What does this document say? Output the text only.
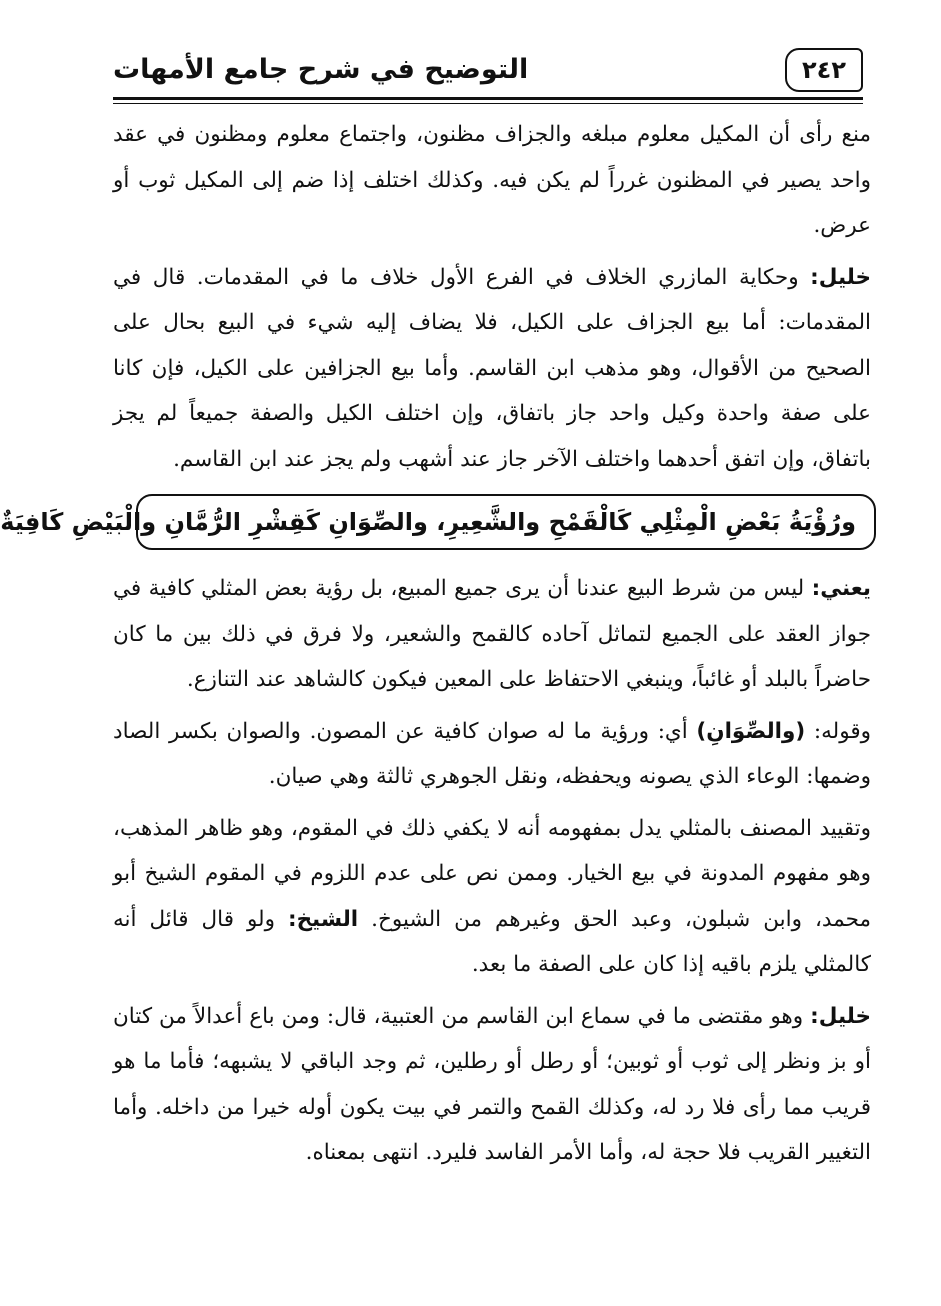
٢٤٢
التوضيح في شرح جامع الأمهات

منع رأى أن المكيل معلوم مبلغه والجزاف مظنون، واجتماع معلوم ومظنون في عقد واحد يصير في المظنون غرراً لم يكن فيه. وكذلك اختلف إذا ضم إلى المكيل ثوب أو عرض.

خليل: وحكاية المازري الخلاف في الفرع الأول خلاف ما في المقدمات. قال في المقدمات: أما بيع الجزاف على الكيل، فلا يضاف إليه شيء في البيع بحال على الصحيح من الأقوال، وهو مذهب ابن القاسم. وأما بيع الجزافين على الكيل، فإن كانا على صفة واحدة وكيل واحد جاز باتفاق، وإن اختلف الكيل والصفة جميعاً لم يجز باتفاق، وإن اتفق أحدهما واختلف الآخر جاز عند أشهب ولم يجز عند ابن القاسم.

ورُؤْيَةُ بَعْضِ الْمِثْلِي كَالْقَمْحِ والشَّعِيرِ، والصِّوَانِ كَقِشْرِ الرُّمَّانِ والْبَيْضِ كَافِيَةٌ

يعني: ليس من شرط البيع عندنا أن يرى جميع المبيع، بل رؤية بعض المثلي كافية في جواز العقد على الجميع لتماثل آحاده كالقمح والشعير، ولا فرق في ذلك بين ما كان حاضراً بالبلد أو غائباً، وينبغي الاحتفاظ على المعين فيكون كالشاهد عند التنازع.

وقوله: (والصِّوَانِ) أي: ورؤية ما له صوان كافية عن المصون. والصوان بكسر الصاد وضمها: الوعاء الذي يصونه ويحفظه، ونقل الجوهري ثالثة وهي صيان.

وتقييد المصنف بالمثلي يدل بمفهومه أنه لا يكفي ذلك في المقوم، وهو ظاهر المذهب، وهو مفهوم المدونة في بيع الخيار. وممن نص على عدم اللزوم في المقوم الشيخ أبو محمد، وابن شبلون، وعبد الحق وغيرهم من الشيوخ. الشيخ: ولو قال قائل أنه كالمثلي يلزم باقيه إذا كان على الصفة ما بعد.

خليل: وهو مقتضى ما في سماع ابن القاسم من العتبية، قال: ومن باع أعدالاً من كتان أو بز ونظر إلى ثوب أو ثوبين؛ أو رطل أو رطلين، ثم وجد الباقي لا يشبهه؛ فأما ما هو قريب مما رأى فلا رد له، وكذلك القمح والتمر في بيت يكون أوله خيرا من داخله. وأما التغيير القريب فلا حجة له، وأما الأمر الفاسد فليرد. انتهى بمعناه.
